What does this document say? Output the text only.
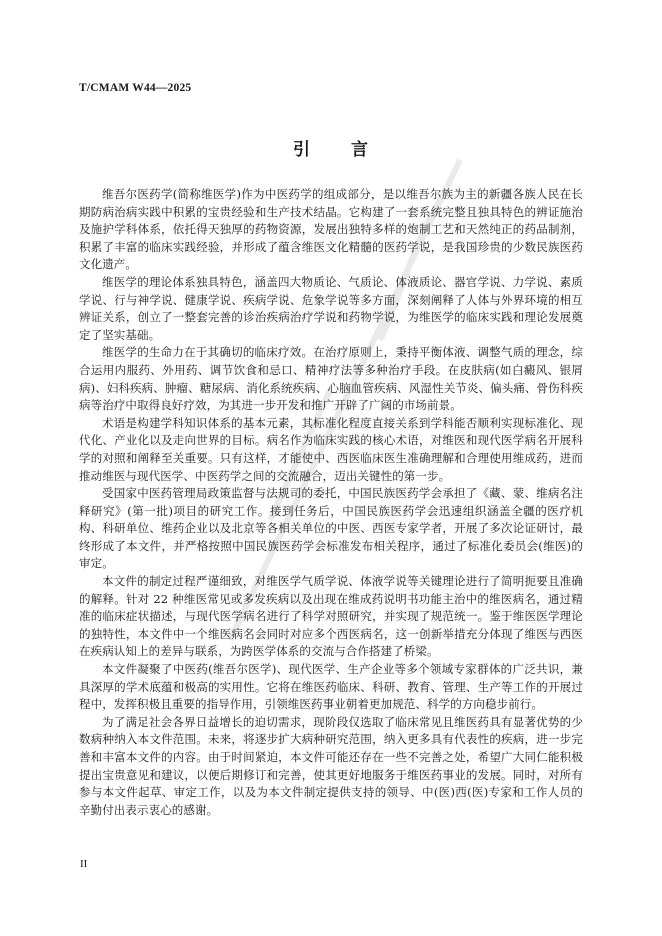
T/CMAM W44—2025
引 言

维吾尔医药学(简称维医学)作为中医药学的组成部分，是以维吾尔族为主的新疆各族人民在长期防病治病实践中积累的宝贵经验和生产技术结晶。它构建了一套系统完整且独具特色的辨证施治及施护学科体系，依托得天独厚的药物资源，发展出独特多样的炮制工艺和天然纯正的药品制剂，积累了丰富的临床实践经验，并形成了蕴含维医文化精髓的医药学说，是我国珍贵的少数民族医药文化遗产。

维医学的理论体系独具特色，涵盖四大物质论、气质论、体液质论、器官学说、力学说、素质学说、行与神学说、健康学说、疾病学说、危象学说等多方面，深刻阐释了人体与外界环境的相互辨证关系，创立了一整套完善的诊治疾病治疗学说和药物学说，为维医学的临床实践和理论发展奠定了坚实基础。

维医学的生命力在于其确切的临床疗效。在治疗原则上，秉持平衡体液、调整气质的理念，综合运用内服药、外用药、调节饮食和忌口、精神疗法等多种治疗手段。在皮肤病(如白癜风、银屑病)、妇科疾病、肿瘤、糖尿病、消化系统疾病、心脑血管疾病、风湿性关节炎、偏头痛、骨伤科疾病等治疗中取得良好疗效，为其进一步开发和推广开辟了广阔的市场前景。

术语是构建学科知识体系的基本元素，其标准化程度直接关系到学科能否顺利实现标准化、现代化、产业化以及走向世界的目标。病名作为临床实践的核心术语，对维医和现代医学病名开展科学的对照和阐释至关重要。只有这样，才能使中、西医临床医生准确理解和合理使用维成药，进而推动维医与现代医学、中医药学之间的交流融合，迈出关键性的第一步。

受国家中医药管理局政策监督与法规司的委托，中国民族医药学会承担了《藏、蒙、维病名注释研究》(第一批)项目的研究工作。接到任务后，中国民族医药学会迅速组织涵盖全疆的医疗机构、科研单位、维药企业以及北京等各相关单位的中医、西医专家学者，开展了多次论证研讨，最终形成了本文件，并严格按照中国民族医药学会标准发布相关程序，通过了标准化委员会(维医)的审定。

本文件的制定过程严谨细致，对维医学气质学说、体液学说等关键理论进行了简明扼要且准确的解释。针对 22 种维医常见或多发疾病以及出现在维成药说明书功能主治中的维医病名，通过精准的临床症状描述，与现代医学病名进行了科学对照研究，并实现了规范统一。鉴于维医医学理论的独特性，本文件中一个维医病名会同时对应多个西医病名，这一创新举措充分体现了维医与西医在疾病认知上的差异与联系，为跨医学体系的交流与合作搭建了桥梁。

本文件凝聚了中医药(维吾尔医学)、现代医学、生产企业等多个领域专家群体的广泛共识，兼具深厚的学术底蕴和极高的实用性。它将在维医药临床、科研、教育、管理、生产等工作的开展过程中，发挥积极且重要的指导作用，引领维医药事业朝着更加规范、科学的方向稳步前行。

为了满足社会各界日益增长的迫切需求，现阶段仅选取了临床常见且维医药具有显著优势的少数病种纳入本文件范围。未来，将逐步扩大病种研究范围，纳入更多具有代表性的疾病，进一步完善和丰富本文件的内容。由于时间紧迫，本文件可能还存在一些不完善之处，希望广大同仁能积极提出宝贵意见和建议，以便后期修订和完善，使其更好地服务于维医药事业的发展。同时，对所有参与本文件起草、审定工作，以及为本文件制定提供支持的领导、中(医)西(医)专家和工作人员的辛勤付出表示衷心的感谢。

II
